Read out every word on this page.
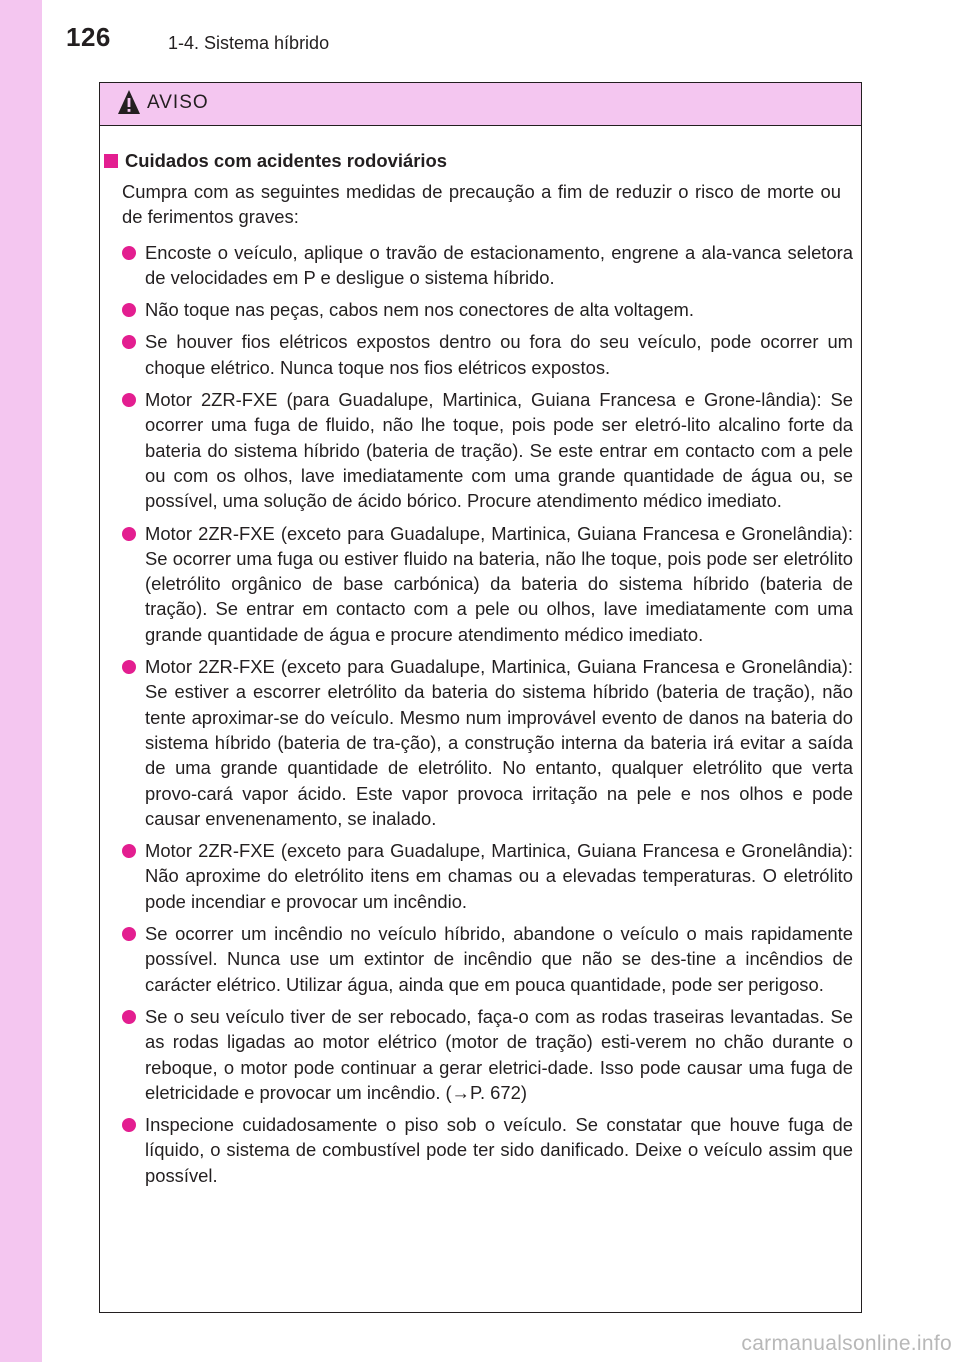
126	1-4. Sistema híbrido
AVISO
Cuidados com acidentes rodoviários
Cumpra com as seguintes medidas de precaução a fim de reduzir o risco de morte ou de ferimentos graves:
Encoste o veículo, aplique o travão de estacionamento, engrene a ala-vanca seletora de velocidades em P e desligue o sistema híbrido.
Não toque nas peças, cabos nem nos conectores de alta voltagem.
Se houver fios elétricos expostos dentro ou fora do seu veículo, pode ocorrer um choque elétrico. Nunca toque nos fios elétricos expostos.
Motor 2ZR-FXE (para Guadalupe, Martinica, Guiana Francesa e Grone-lândia): Se ocorrer uma fuga de fluido, não lhe toque, pois pode ser eletró-lito alcalino forte da bateria do sistema híbrido (bateria de tração). Se este entrar em contacto com a pele ou com os olhos, lave imediatamente com uma grande quantidade de água ou, se possível, uma solução de ácido bórico. Procure atendimento médico imediato.
Motor 2ZR-FXE (exceto para Guadalupe, Martinica, Guiana Francesa e Gronelândia): Se ocorrer uma fuga ou estiver fluido na bateria, não lhe toque, pois pode ser eletrólito (eletrólito orgânico de base carbónica) da bateria do sistema híbrido (bateria de tração). Se entrar em contacto com a pele ou olhos, lave imediatamente com uma grande quantidade de água e procure atendimento médico imediato.
Motor 2ZR-FXE (exceto para Guadalupe, Martinica, Guiana Francesa e Gronelândia): Se estiver a escorrer eletrólito da bateria do sistema híbrido (bateria de tração), não tente aproximar-se do veículo. Mesmo num improvável evento de danos na bateria do sistema híbrido (bateria de tra-ção), a construção interna da bateria irá evitar a saída de uma grande quantidade de eletrólito. No entanto, qualquer eletrólito que verta provo-cará vapor ácido. Este vapor provoca irritação na pele e nos olhos e pode causar envenenamento, se inalado.
Motor 2ZR-FXE (exceto para Guadalupe, Martinica, Guiana Francesa e Gronelândia): Não aproxime do eletrólito itens em chamas ou a elevadas temperaturas. O eletrólito pode incendiar e provocar um incêndio.
Se ocorrer um incêndio no veículo híbrido, abandone o veículo o mais rapidamente possível. Nunca use um extintor de incêndio que não se des-tine a incêndios de carácter elétrico. Utilizar água, ainda que em pouca quantidade, pode ser perigoso.
Se o seu veículo tiver de ser rebocado, faça-o com as rodas traseiras levantadas. Se as rodas ligadas ao motor elétrico (motor de tração) esti-verem no chão durante o reboque, o motor pode continuar a gerar eletrici-dade. Isso pode causar uma fuga de eletricidade e provocar um incêndio. (→P. 672)
Inspecione cuidadosamente o piso sob o veículo. Se constatar que houve fuga de líquido, o sistema de combustível pode ter sido danificado. Deixe o veículo assim que possível.
carmanualsonline.info
